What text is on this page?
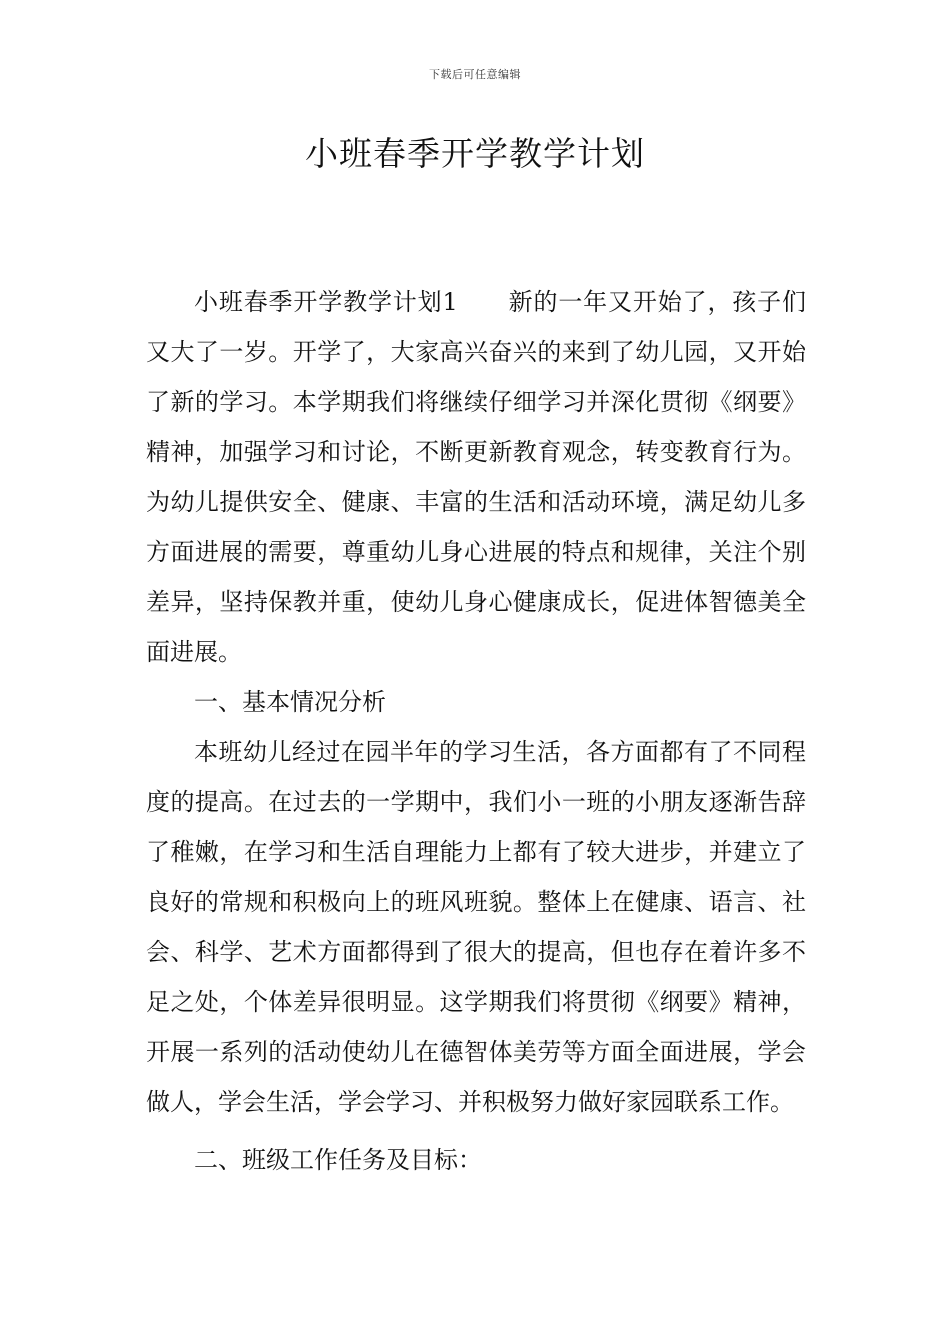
下载后可任意编辑
小班春季开学教学计划

小班春季开学教学计划1 新的一年又开始了，孩子们又大了一岁。开学了，大家高兴奋兴的来到了幼儿园，又开始了新的学习。本学期我们将继续仔细学习并深化贯彻《纲要》精神，加强学习和讨论，不断更新教育观念，转变教育行为。为幼儿提供安全、健康、丰富的生活和活动环境，满足幼儿多方面进展的需要，尊重幼儿身心进展的特点和规律，关注个别差异，坚持保教并重，使幼儿身心健康成长，促进体智德美全面进展。

一、基本情况分析

本班幼儿经过在园半年的学习生活，各方面都有了不同程度的提高。在过去的一学期中，我们小一班的小朋友逐渐告辞了稚嫩，在学习和生活自理能力上都有了较大进步，并建立了良好的常规和积极向上的班风班貌。整体上在健康、语言、社会、科学、艺术方面都得到了很大的提高，但也存在着许多不足之处，个体差异很明显。这学期我们将贯彻《纲要》精神，开展一系列的活动使幼儿在德智体美劳等方面全面进展，学会做人，学会生活，学会学习、并积极努力做好家园联系工作。

二、班级工作任务及目标：
